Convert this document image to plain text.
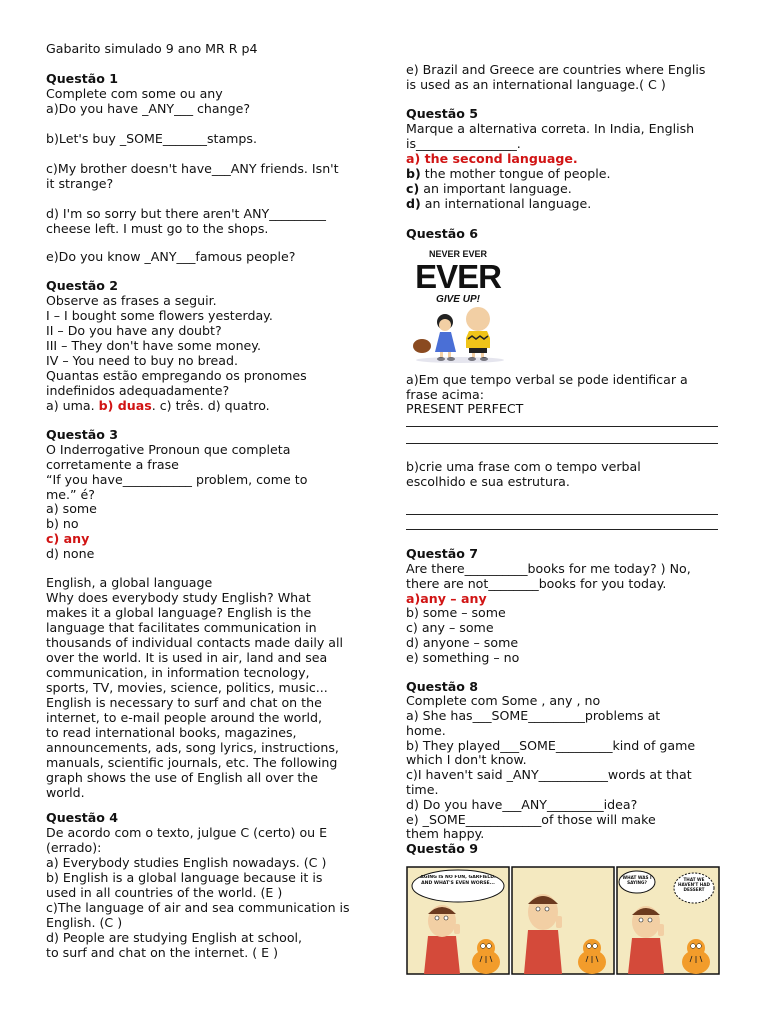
Gabarito simulado 9 ano MR R p4
Questão 1
Complete com some ou any
a)Do you have _ANY___ change?
b)Let's buy _SOME_______stamps.
c)My brother doesn't have___ANY friends. Isn't
it strange?
d) I'm so sorry but there aren't ANY_________
cheese left. I must go to the shops.
e)Do you know _ANY___famous people?
Questão 2
Observe as frases a seguir.
I – I bought some flowers yesterday.
II – Do you have any doubt?
III – They don't have some money.
IV – You need to buy no bread.
Quantas estão empregando os pronomes
indefinidos adequadamente?
a) uma. b) duas. c) três. d) quatro.
Questão 3
O Inderrogative Pronoun que completa
corretamente a frase
“If you have___________ problem, come to
me.” é?
a) some
b) no
c) any
d) none
English, a global language
Why does everybody study English? What
makes it a global language? English is the
language that facilitates communication in
thousands of individual contacts made daily all
over the world. It is used in air, land and sea
communication, in information tecnology,
sports, TV, movies, science, politics, music...
English is necessary to surf and chat on the
internet, to e-mail people around the world,
to read international books, magazines,
announcements, ads, song lyrics, instructions,
manuals, scientific journals, etc. The following
graph shows the use of English all over the
world.
Questão 4
De acordo com o texto, julgue C (certo) ou E
(errado):
a) Everybody studies English nowadays. (C )
b) English is a global language because it is
used in all countries of the world. (E )
c)The language of air and sea communication is
English. (C )
d) People are studying English at school,
to surf and chat on the internet. ( E )
e) Brazil and Greece are countries where Englis
is used as an international language.( C )
Questão 5
Marque a alternativa correta. In India, English
is________________.
a) the second language.
b) the mother tongue of people.
c) an important language.
d) an international language.
Questão 6
NEVER EVER
EVER
GIVE UP!
a)Em que tempo verbal se pode identificar a
frase acima:
PRESENT PERFECT
b)crie uma frase com o tempo verbal
escolhido e sua estrutura.
Questão 7
Are there__________books for me today? ) No,
there are not________books for you today.
a)any – any
b) some – some
c) any – some
d) anyone – some
e) something – no
Questão 8
Complete com Some , any , no
a) She has___SOME_________problems at
home.
b) They played___SOME_________kind of game
which I don't know.
c)I haven't said _ANY___________words at that
time.
d) Do you have___ANY_________idea?
e) _SOME____________of those will make
them happy.
Questão 9
AGING IS NO FUN, GARFIELD. AND WHAT'S EVEN WORSE...
WHAT WAS I SAYING?
THAT WE HAVEN'T HAD DESSERT
